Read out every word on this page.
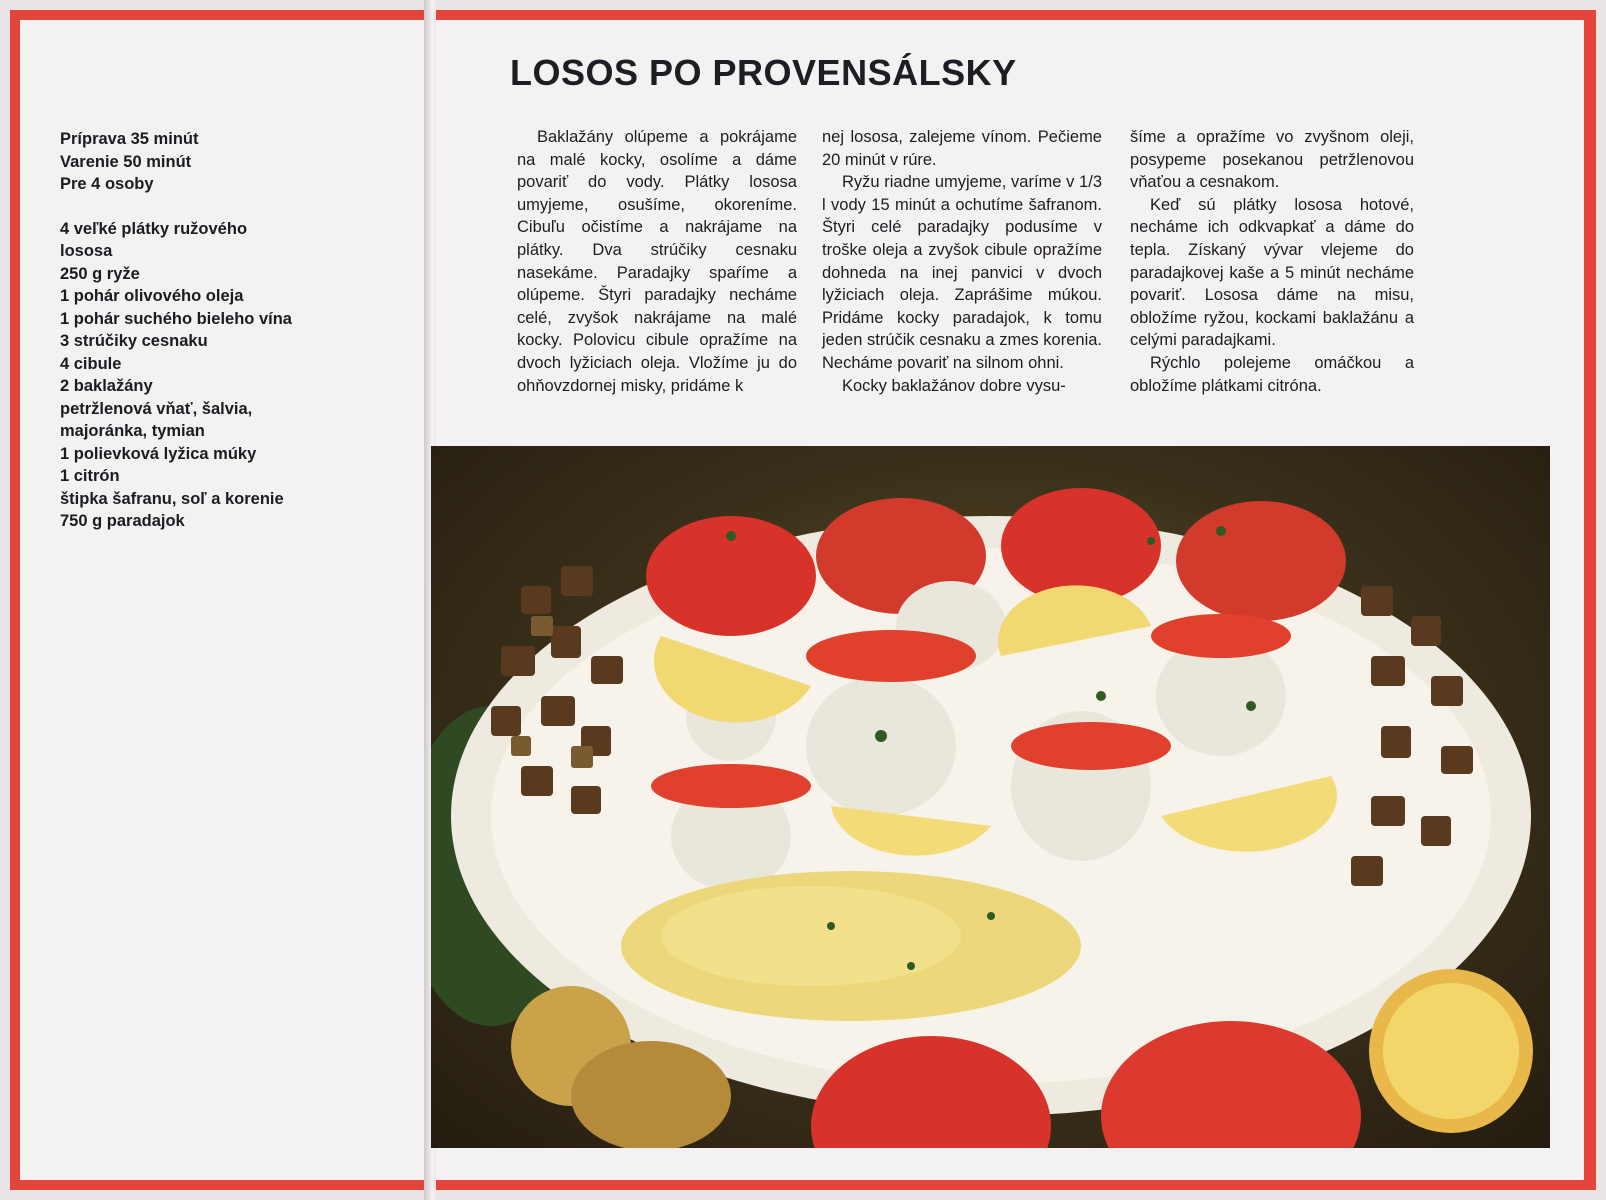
Príprava 35 minút
Varenie 50 minút
Pre 4 osoby
4 veľké plátky ružového lososa
250 g ryže
1 pohár olivového oleja
1 pohár suchého bieleho vína
3 strúčiky cesnaku
4 cibule
2 baklažány
petržlenová vňať, šalvia, majoránka, tymian
1 polievková lyžica múky
1 citrón
štipka šafranu, soľ a korenie
750 g paradajok
LOSOS PO PROVENSÁLSKY

Baklažány olúpeme a pokrájame na malé kocky, osolíme a dáme povariť do vody. Plátky lososa umyjeme, osušíme, okoreníme. Cibuľu očistíme a nakrájame na plátky. Dva strúčiky cesnaku nasekáme. Paradajky spaŕíme a olúpeme. Štyri paradajky necháme celé, zvyšok nakrájame na malé kocky. Polovicu cibule opražíme na dvoch lyžiciach oleja. Vložíme ju do ohňovzdornej misky, pridáme k

nej lososa, zalejeme vínom. Pečieme 20 minút v rúre.

Ryžu riadne umyjeme, varíme v 1/3 l vody 15 minút a ochutíme šafranom. Štyri celé paradajky podusíme v troške oleja a zvyšok cibule opražíme dohneda na inej panvici v dvoch lyžiciach oleja. Zaprášime múkou. Pridáme kocky paradajok, k tomu jeden strúčik cesnaku a zmes korenia. Necháme povariť na silnom ohni.

Kocky baklažánov dobre vysu-

šíme a opražíme vo zvyšnom oleji, posypeme posekanou petržlenovou vňaťou a cesnakom.

Keď sú plátky lososa hotové, necháme ich odkvapkať a dáme do tepla. Získaný vývar vlejeme do paradajkovej kaše a 5 minút necháme povariť. Lososa dáme na misu, obložíme ryžou, kockami baklažánu a celými paradajkami.

Rýchlo polejeme omáčkou a obložíme plátkami citróna.
